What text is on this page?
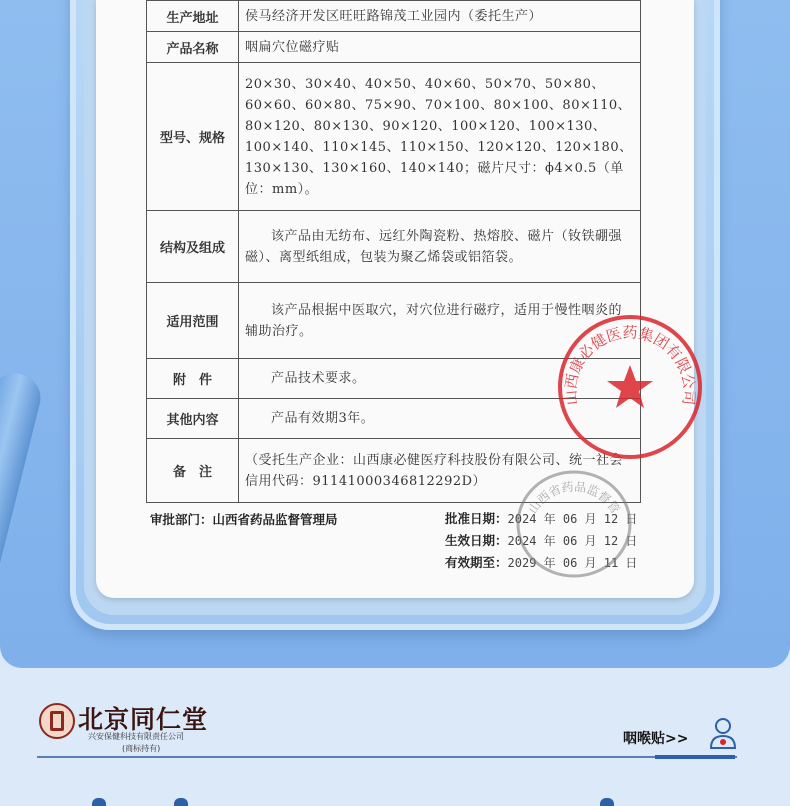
生产地址	侯马经济开发区旺旺路锦茂工业园内（委托生产）
产品名称	咽扁穴位磁疗贴
型号、规格	20×30、30×40、40×50、40×60、50×70、50×80、60×60、60×80、75×90、70×100、80×100、80×110、80×120、80×130、90×120、100×120、100×130、100×140、110×145、110×150、120×120、120×180、130×130、130×160、140×140；磁片尺寸：ϕ4×0.5（单位：mm）。
结构及组成	该产品由无纺布、远红外陶瓷粉、热熔胶、磁片（钕铁硼强磁）、离型纸组成，包装为聚乙烯袋或铝箔袋。
适用范围	该产品根据中医取穴，对穴位进行磁疗，适用于慢性咽炎的辅助治疗。
附　件	产品技术要求。
其他内容	产品有效期3年。
备　注	（受托生产企业：山西康必健医疗科技股份有限公司、统一社会信用代码：91141000346812292D）
审批部门：山西省药品监督管理局	批准日期：2024 年 06 月 12 日
生效日期：2024 年 06 月 12 日
有效期至：2029 年 06 月 11 日
山西康必健医药集团有限公司
山西省药品监督管
北京同仁堂
兴安保健科技有限责任公司
(商标持有)
咽喉贴>>
